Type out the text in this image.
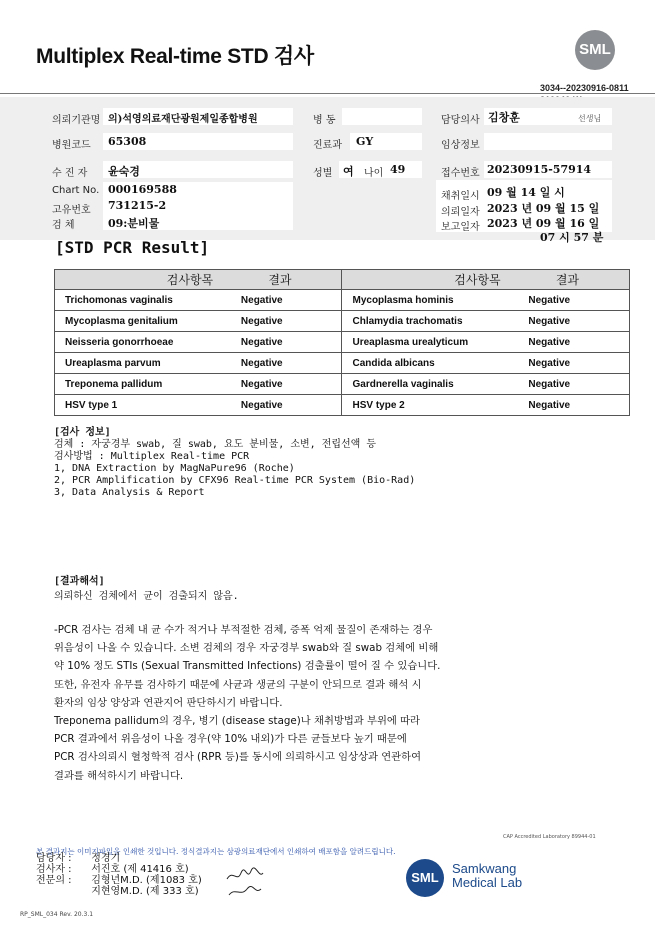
Multiplex Real-time STD 검사	SML
3034--20230916-0811
의뢰기관명 의)석영의료재단광원제일종합병원	병 동	담당의사 김창훈	선생님
병원코드 65308	진료과 GY	임상정보
수 진 자 윤숙경	성별 여 나이 49	접수번호 20230915-57914
Chart No. 000169588
고유번호 731215-2
검 체	09:분비물
채취일시 09 월 14 일 시
의뢰일자 2023 년 09 월 15 일
보고일자 2023 년 09 월 16 일
07 시 57 분
[STD PCR Result]
검사항목 결과		검사항목 결과	
Trichomonas vaginalis	Negative	Mycoplasma hominis	Negative
Mycoplasma genitalium	Negative	Chlamydia trachomatis	Negative
Neisseria gonorrhoeae	Negative	Ureaplasma urealyticum	Negative
Ureaplasma parvum	Negative	Candida albicans	Negative
Treponema pallidum	Negative	Gardnerella vaginalis	Negative
HSV type 1	Negative	HSV type 2	Negative
[검사 정보]
검체 : 자궁경부 swab, 질 swab, 요도 분비물, 소변, 전립선액 등
검사방법 : Multiplex Real-time PCR
1, DNA Extraction by MagNaPure96 (Roche)
2, PCR Amplification by CFX96 Real-time PCR System (Bio-Rad)
3, Data Analysis & Report
[결과해석]
의뢰하신 검체에서 균이 검출되지 않음.

-PCR 검사는 검체 내 균 수가 적거나 부적절한 검체, 증폭 억제 물질이 존재하는 경우

위음성이 나올 수 있습니다. 소변 검체의 경우 자궁경부 swab와 질 swab 검체에 비해

약 10% 정도 STIs (Sexual Transmitted Infections) 검출률이 떨어 질 수 있습니다.

또한, 유전자 유무를 검사하기 때문에 사균과 생균의 구분이 안되므로 결과 해석 시

환자의 임상 양상과 연관지어 판단하시기 바랍니다.

Treponema pallidum의 경우, 병기 (disease stage)나 채취방법과 부위에 따라

PCR 결과에서 위음성이 나올 경우(약 10% 내외)가 다른 균들보다 높기 때문에

PCR 검사의뢰시 혈청학적 검사 (RPR 등)를 동시에 의뢰하시고 임상상과 연관하여

결과를 해석하시기 바랍니다.

CAP Accredited Laboratory 89944-01
본 결과지는 이미지파일을 인쇄한 것입니다. 정식결과지는 삼광의료재단에서 인쇄하여 배포함을 알려드립니다.
담당자 : 정경기
검사자 : 서진호 (제 41416 호)
전문의 : 김형년M.D. (제1083 호)
지현영M.D. (제 333 호)
SML
Samkwang
Medical Lab
RP_SML_034 Rev. 20.3.1
